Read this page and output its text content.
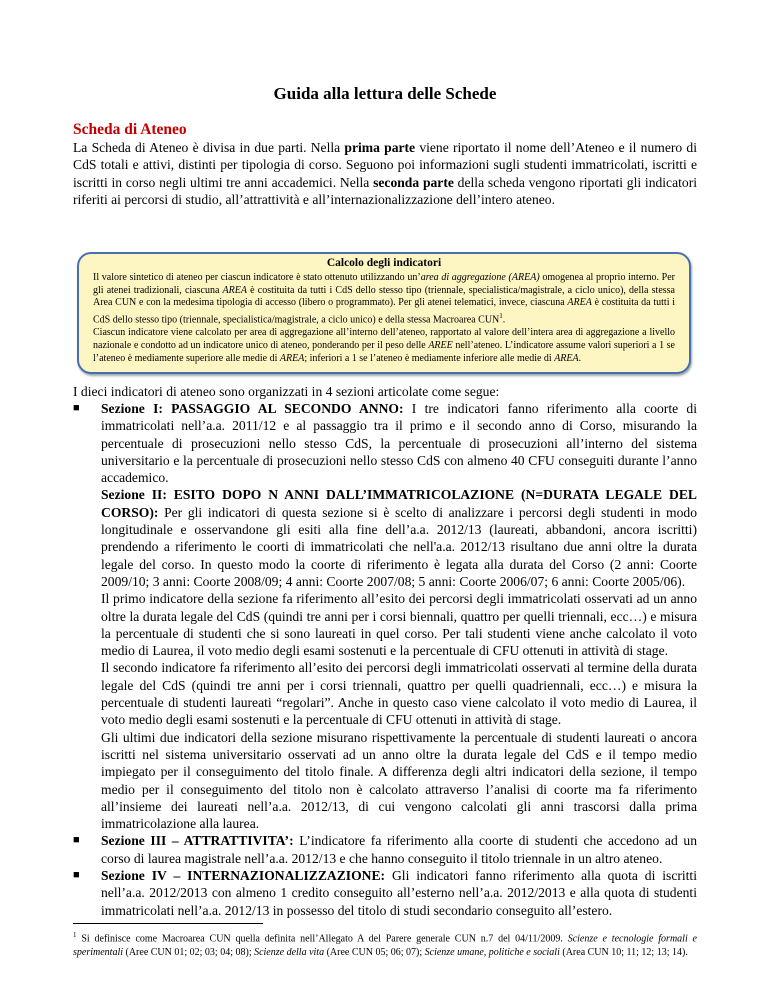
Guida alla lettura delle Schede
Scheda di Ateneo

La Scheda di Ateneo è divisa in due parti. Nella prima parte viene riportato il nome dell’Ateneo e il numero di CdS totali e attivi, distinti per tipologia di corso. Seguono poi informazioni sugli studenti immatricolati, iscritti e iscritti in corso negli ultimi tre anni accademici. Nella seconda parte della scheda vengono riportati gli indicatori riferiti ai percorsi di studio, all’attrattività e all’internazionalizzazione dell’intero ateneo.

Calcolo degli indicatori

Il valore sintetico di ateneo per ciascun indicatore è stato ottenuto utilizzando un’area di aggregazione (AREA) omogenea al proprio interno. Per gli atenei tradizionali, ciascuna AREA è costituita da tutti i CdS dello stesso tipo (triennale, specialistica/magistrale, a ciclo unico), della stessa Area CUN e con la medesima tipologia di accesso (libero o programmato). Per gli atenei telematici, invece, ciascuna AREA è costituita da tutti i CdS dello stesso tipo (triennale, specialistica/magistrale, a ciclo unico) e della stessa Macroarea CUN$^1$.

Ciascun indicatore viene calcolato per area di aggregazione all’interno dell’ateneo, rapportato al valore dell’intera area di aggregazione a livello nazionale e condotto ad un indicatore unico di ateneo, ponderando per il peso delle AREE nell’ateneo. L’indicatore assume valori superiori a 1 se l’ateneo è mediamente superiore alle medie di AREA; inferiori a 1 se l’ateneo è mediamente inferiore alle medie di AREA.

I dieci indicatori di ateneo sono organizzati in 4 sezioni articolate come segue:

■	Sezione I: PASSAGGIO AL SECONDO ANNO: I tre indicatori fanno riferimento alla coorte di immatricolati nell’a.a. 2011/12 e al passaggio tra il primo e il secondo anno di Corso, misurando la percentuale di prosecuzioni nello stesso CdS, la percentuale di prosecuzioni all’interno del sistema universitario e la percentuale di prosecuzioni nello stesso CdS con almeno 40 CFU conseguiti durante l’anno accademico.

Sezione II: ESITO DOPO N ANNI DALL’IMMATRICOLAZIONE (N=DURATA LEGALE DEL CORSO): Per gli indicatori di questa sezione si è scelto di analizzare i percorsi degli studenti in modo longitudinale e osservandone gli esiti alla fine dell’a.a. 2012/13 (laureati, abbandoni, ancora iscritti) prendendo a riferimento le coorti di immatricolati che nell'a.a. 2012/13 risultano due anni oltre la durata legale del corso. In questo modo la coorte di riferimento è legata alla durata del Corso (2 anni: Coorte 2009/10; 3 anni: Coorte 2008/09; 4 anni: Coorte 2007/08; 5 anni: Coorte 2006/07; 6 anni: Coorte 2005/06).

Il primo indicatore della sezione fa riferimento all’esito dei percorsi degli immatricolati osservati ad un anno oltre la durata legale del CdS (quindi tre anni per i corsi biennali, quattro per quelli triennali, ecc…) e misura la percentuale di studenti che si sono laureati in quel corso. Per tali studenti viene anche calcolato il voto medio di Laurea, il voto medio degli esami sostenuti e la percentuale di CFU ottenuti in attività di stage.

Il secondo indicatore fa riferimento all’esito dei percorsi degli immatricolati osservati al termine della durata legale del CdS (quindi tre anni per i corsi triennali, quattro per quelli quadriennali, ecc…) e misura la percentuale di studenti laureati “regolari”. Anche in questo caso viene calcolato il voto medio di Laurea, il voto medio degli esami sostenuti e la percentuale di CFU ottenuti in attività di stage.

Gli ultimi due indicatori della sezione misurano rispettivamente la percentuale di studenti laureati o ancora iscritti nel sistema universitario osservati ad un anno oltre la durata legale del CdS e il tempo medio impiegato per il conseguimento del titolo finale. A differenza degli altri indicatori della sezione, il tempo medio per il conseguimento del titolo non è calcolato attraverso l’analisi di coorte ma fa riferimento all’insieme dei laureati nell’a.a. 2012/13, di cui vengono calcolati gli anni trascorsi dalla prima immatricolazione alla laurea.

■	Sezione III – ATTRATTIVITA’: L’indicatore fa riferimento alla coorte di studenti che accedono ad un corso di laurea magistrale nell’a.a. 2012/13 e che hanno conseguito il titolo triennale in un altro ateneo.
■	Sezione IV – INTERNAZIONALIZZAZIONE: Gli indicatori fanno riferimento alla quota di iscritti nell’a.a. 2012/2013 con almeno 1 credito conseguito all’esterno nell’a.a. 2012/2013 e alla quota di studenti immatricolati nell’a.a. 2012/13 in possesso del titolo di studi secondario conseguito all’estero.

$^1$ Si definisce come Macroarea CUN quella definita nell’Allegato A del Parere generale CUN n.7 del 04/11/2009. Scienze e tecnologie formali e sperimentali (Aree CUN 01; 02; 03; 04; 08); Scienze della vita (Aree CUN 05; 06; 07); Scienze umane, politiche e sociali (Area CUN 10; 11; 12; 13; 14).
